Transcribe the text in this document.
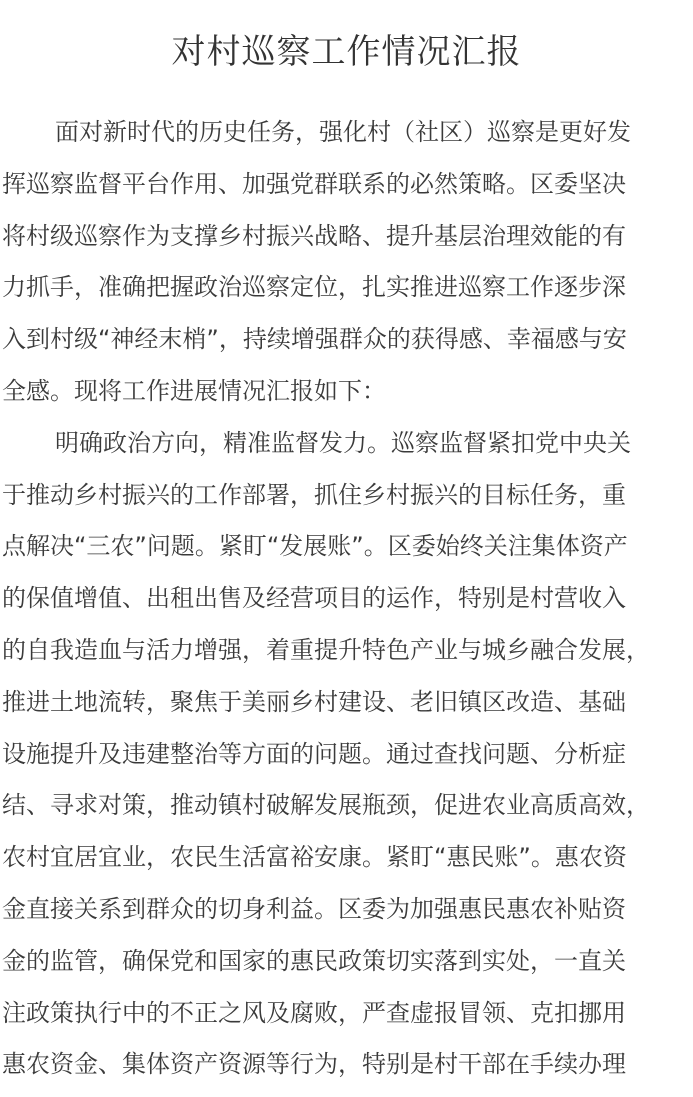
对村巡察工作情况汇报
面对新时代的历史任务，强化村（社区）巡察是更好发
挥巡察监督平台作用、加强党群联系的必然策略。区委坚决
将村级巡察作为支撑乡村振兴战略、提升基层治理效能的有
力抓手，准确把握政治巡察定位，扎实推进巡察工作逐步深
入到村级“神经末梢”，持续增强群众的获得感、幸福感与安
全感。现将工作进展情况汇报如下：
明确政治方向，精准监督发力。巡察监督紧扣党中央关
于推动乡村振兴的工作部署，抓住乡村振兴的目标任务，重
点解决“三农”问题。紧盯“发展账”。区委始终关注集体资产
的保值增值、出租出售及经营项目的运作，特别是村营收入
的自我造血与活力增强，着重提升特色产业与城乡融合发展，
推进土地流转，聚焦于美丽乡村建设、老旧镇区改造、基础
设施提升及违建整治等方面的问题。通过查找问题、分析症
结、寻求对策，推动镇村破解发展瓶颈，促进农业高质高效，
农村宜居宜业，农民生活富裕安康。紧盯“惠民账”。惠农资
金直接关系到群众的切身利益。区委为加强惠民惠农补贴资
金的监管，确保党和国家的惠民政策切实落到实处，一直关
注政策执行中的不正之风及腐败，严查虚报冒领、克扣挪用
惠农资金、集体资产资源等行为，特别是村干部在手续办理
